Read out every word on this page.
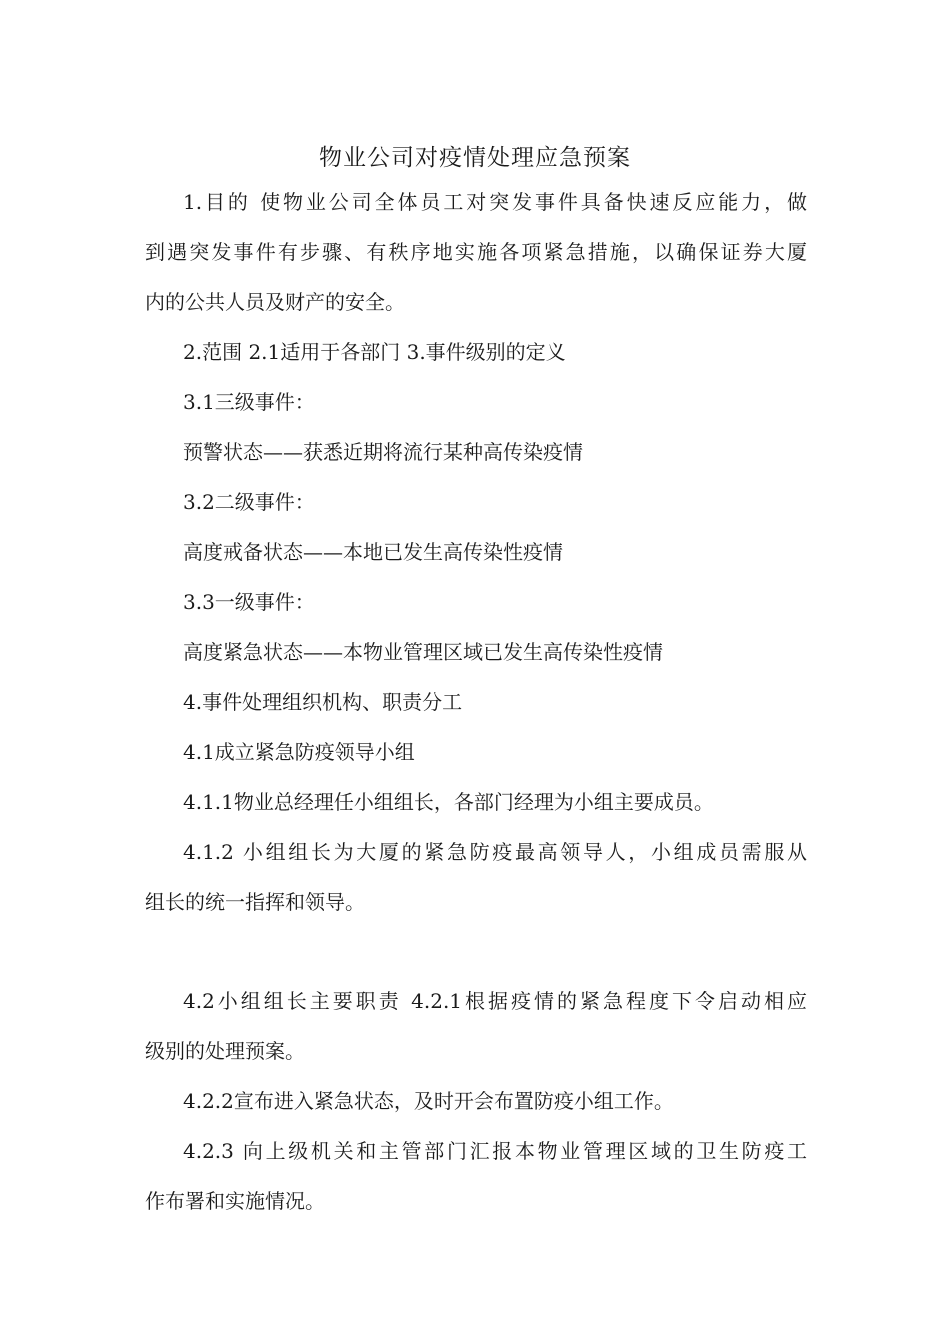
物业公司对疫情处理应急预案
1.目的 使物业公司全体员工对突发事件具备快速反应能力，做
到遇突发事件有步骤、有秩序地实施各项紧急措施，以确保证券大厦
内的公共人员及财产的安全。
2.范围 2.1适用于各部门 3.事件级别的定义
3.1三级事件：
预警状态——获悉近期将流行某种高传染疫情
3.2二级事件：
高度戒备状态——本地已发生高传染性疫情
3.3一级事件：
高度紧急状态——本物业管理区域已发生高传染性疫情
4.事件处理组织机构、职责分工
4.1成立紧急防疫领导小组
4.1.1物业总经理任小组组长，各部门经理为小组主要成员。
4.1.2 小组组长为大厦的紧急防疫最高领导人，小组成员需服从
组长的统一指挥和领导。
4.2小组组长主要职责 4.2.1根据疫情的紧急程度下令启动相应
级别的处理预案。
4.2.2宣布进入紧急状态，及时开会布置防疫小组工作。
4.2.3 向上级机关和主管部门汇报本物业管理区域的卫生防疫工
作布署和实施情况。
